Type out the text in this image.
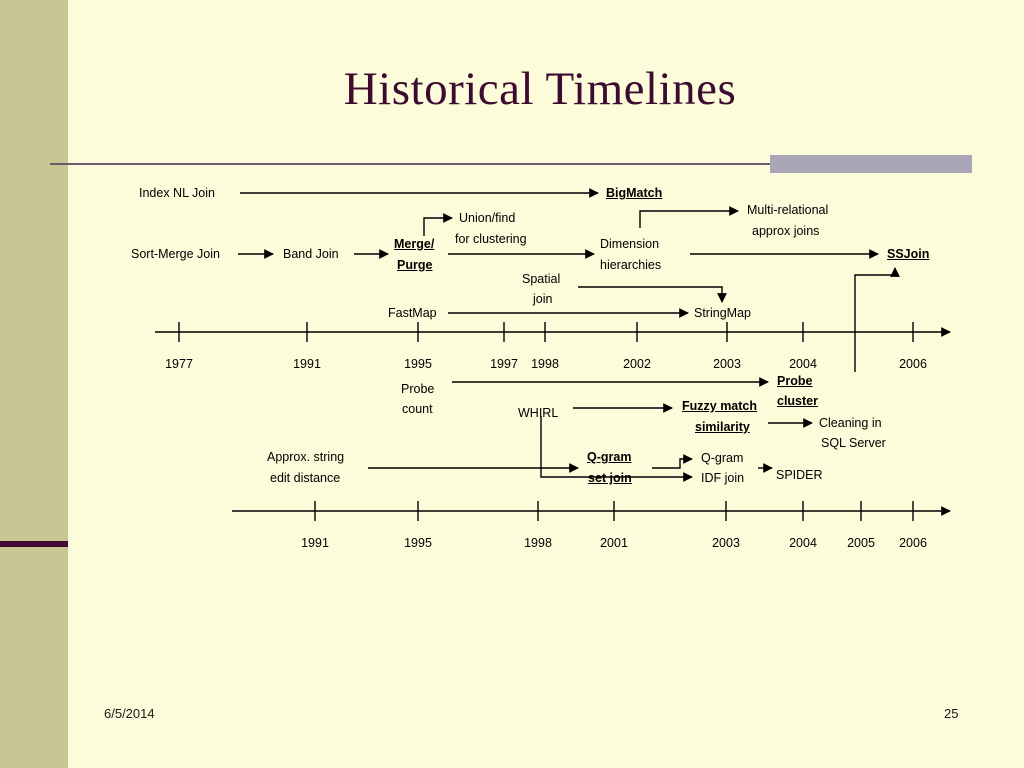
Historical Timelines
Index NL Join	BigMatch
Sort-Merge Join	Band Join
Merge/
Purge
Union/find
for clustering	Dimension
hierarchies
Multi-relational
approx joins
SSJoin
Spatial
join
FastMap	StringMap
1977	1991	1995	1997	1998	2002	2003	2004	2006
Probe
count
Probe
cluster
WHIRL	Fuzzy match
similarity	Cleaning in
SQL Server
Approx. string
edit distance
Q-gram
set join
Q-gram
IDF join	SPIDER
1991	1995	1998	2001	2003	2004	2005	2006
6/5/2014	25
